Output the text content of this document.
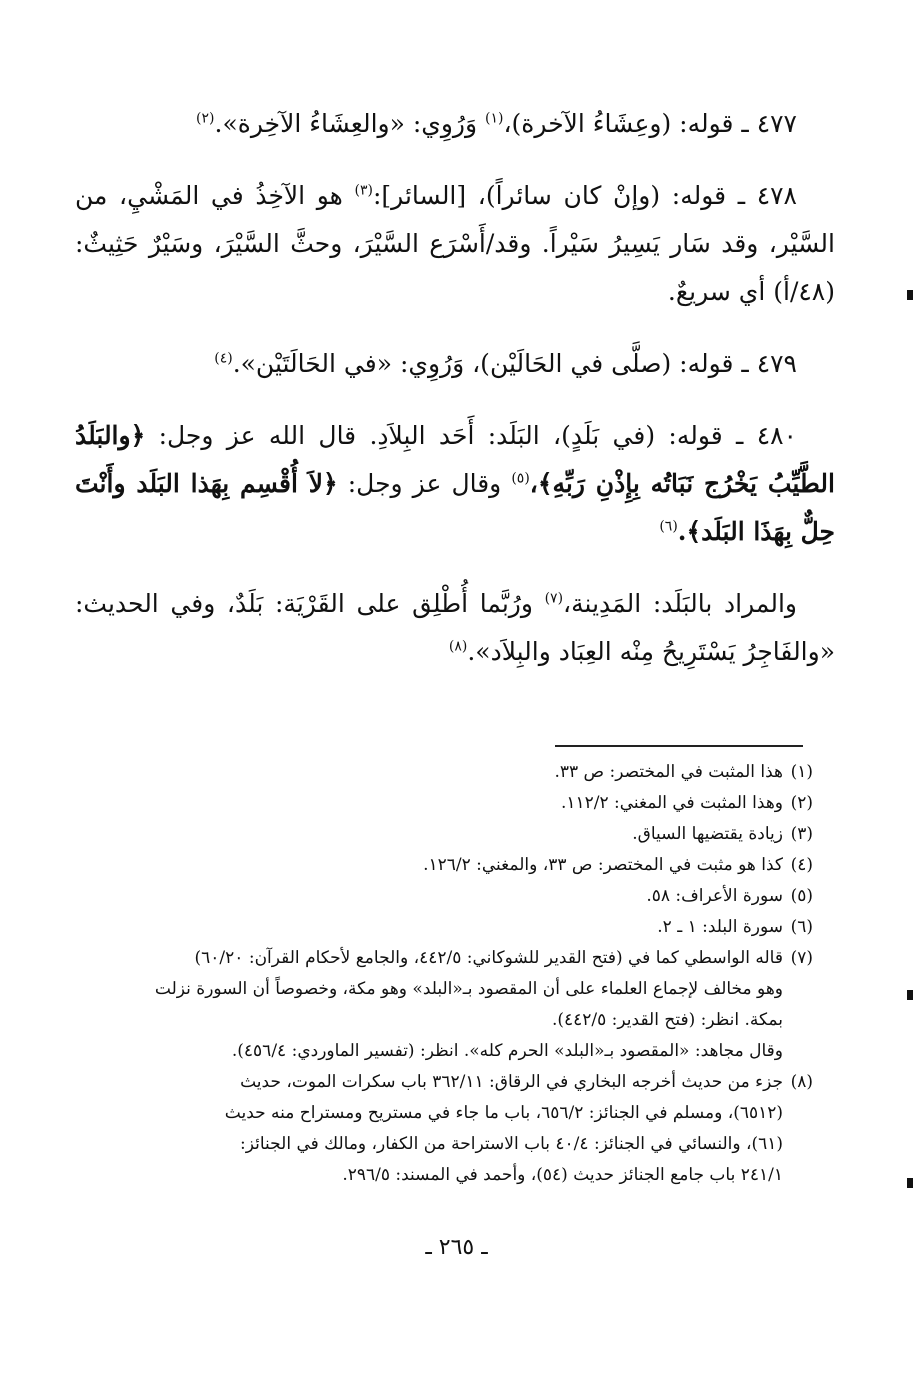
٤٧٧ ـ قوله: (وعِشَاءُ الآخرة)،$^{(١)}$ وَرُوِي: «والعِشَاءُ الآخِرة».$^{(٢)}$

٤٧٨ ـ قوله: (وإنْ كان سائراً)، [السائر]:$^{(٣)}$ هو الآخِذُ في المَشْيِ، من السَّيْر، وقد سَار يَسِيرُ سَيْراً. وقد/أَسْرَع السَّيْرَ، وحثَّ السَّيْرَ، وسَيْرٌ حَثِيثٌ: (٤٨/أ) أي سريعٌ.

٤٧٩ ـ قوله: (صلَّى في الحَالَيْن)، وَرُوِي: «في الحَالَتَيْن».$^{(٤)}$

٤٨٠ ـ قوله: (في بَلَدٍ)، البَلَد: أَحَد البِلاَدِ. قال الله عز وجل: ﴿والبَلَدُ الطَّيِّبُ يَخْرُج نَبَاتُه بِإِذْنِ رَبِّهِ﴾،$^{(٥)}$ وقال عز وجل: ﴿لاَ أُقْسِم بِهَذا البَلَد وأَنْتَ حِلٌّ بِهَذَا البَلَد﴾.$^{(٦)}$

والمراد بالبَلَد: المَدِينة،$^{(٧)}$ ورُبَّما أُطْلِق على القَرْيَة: بَلَدٌ، وفي الحديث: «والفَاجِرُ يَسْتَرِيحُ مِنْه العِبَاد والبِلاَد».$^{(٨)}$

(١)
هذا المثبت في المختصر: ص ٣٣.
(٢)
وهذا المثبت في المغني: ١١٢/٢.
(٣)
زيادة يقتضيها السياق.
(٤)
كذا هو مثبت في المختصر: ص ٣٣، والمغني: ١٢٦/٢.
(٥)
سورة الأعراف: ٥٨.
(٦)
سورة البلد: ١ ـ ٢.
(٧)
قاله الواسطي كما في (فتح القدير للشوكاني: ٤٤٢/٥، والجامع لأحكام القرآن: ٦٠/٢٠)
وهو مخالف لإجماع العلماء على أن المقصود بـ«البلد» وهو مكة، وخصوصاً أن السورة نزلت
بمكة. انظر: (فتح القدير: ٤٤٢/٥).
وقال مجاهد: «المقصود بـ«البلد» الحرم كله». انظر: (تفسير الماوردي: ٤٥٦/٤).
(٨)
جزء من حديث أخرجه البخاري في الرقاق: ٣٦٢/١١ باب سكرات الموت، حديث
(٦٥١٢)، ومسلم في الجنائز: ٦٥٦/٢، باب ما جاء في مستريح ومستراح منه حديث
(٦١)، والنسائي في الجنائز: ٤٠/٤ باب الاستراحة من الكفار، ومالك في الجنائز:
٢٤١/١ باب جامع الجنائز حديث (٥٤)، وأحمد في المسند: ٢٩٦/٥.
ـ ٢٦٥ ـ
